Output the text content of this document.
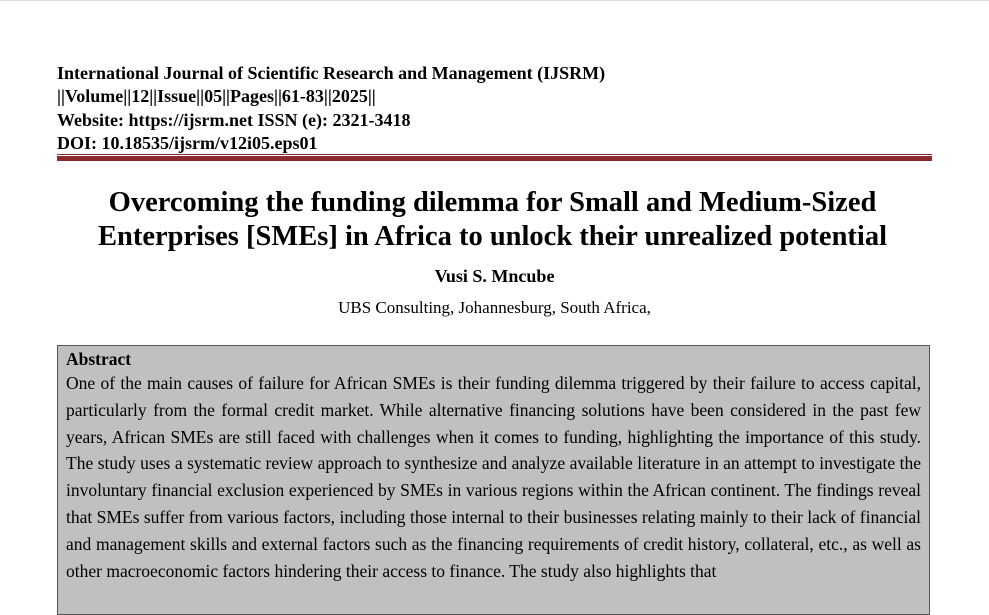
International Journal of Scientific Research and Management (IJSRM)
||Volume||12||Issue||05||Pages||61-83||2025||
Website: https://ijsrm.net ISSN (e): 2321-3418
DOI: 10.18535/ijsrm/v12i05.eps01
Overcoming the funding dilemma for Small and Medium-Sized Enterprises [SMEs] in Africa to unlock their unrealized potential
Vusi S. Mncube
UBS Consulting, Johannesburg, South Africa,

Abstract

One of the main causes of failure for African SMEs is their funding dilemma triggered by their failure to access capital, particularly from the formal credit market. While alternative financing solutions have been considered in the past few years, African SMEs are still faced with challenges when it comes to funding, highlighting the importance of this study. The study uses a systematic review approach to synthesize and analyze available literature in an attempt to investigate the involuntary financial exclusion experienced by SMEs in various regions within the African continent. The findings reveal that SMEs suffer from various factors, including those internal to their businesses relating mainly to their lack of financial and management skills and external factors such as the financing requirements of credit history, collateral, etc., as well as other macroeconomic factors hindering their access to finance. The study also highlights that
